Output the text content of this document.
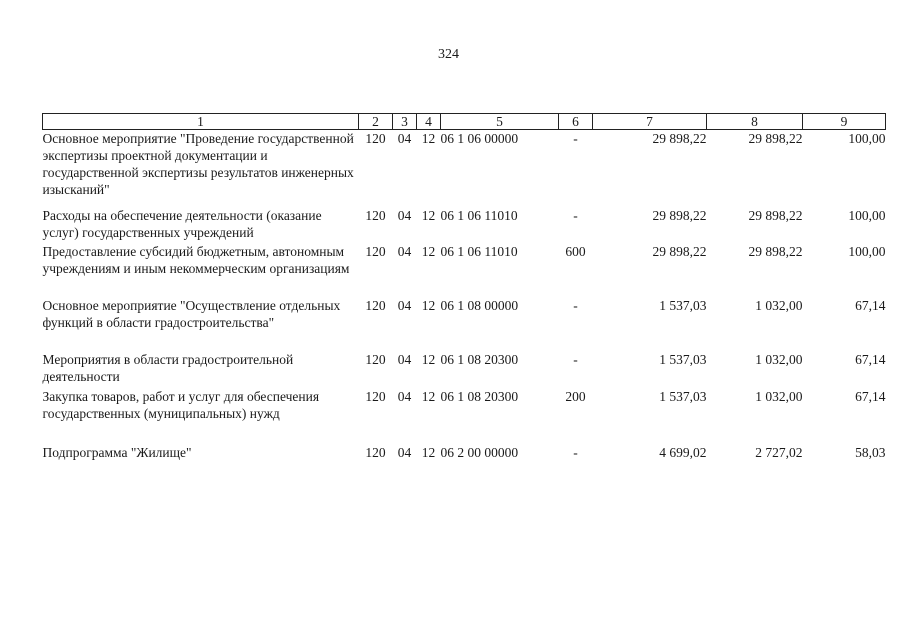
324
1	2	3	4	5	6	7	8	9
Основное мероприятие "Проведение государственной экспертизы проектной документации и государственной экспертизы результатов инженерных изысканий"	120	04	12	06 1 06 00000	-	29 898,22	29 898,22	100,00
Расходы на обеспечение деятельности (оказание услуг) государственных учреждений	120	04	12	06 1 06 11010	-	29 898,22	29 898,22	100,00
Предоставление субсидий бюджетным, автономным учреждениям и иным некоммерческим организациям	120	04	12	06 1 06 11010	600	29 898,22	29 898,22	100,00
Основное мероприятие "Осуществление отдельных функций в области градостроительства"	120	04	12	06 1 08 00000	-	1 537,03	1 032,00	67,14
Мероприятия в области градостроительной деятельности	120	04	12	06 1 08 20300	-	1 537,03	1 032,00	67,14
Закупка товаров, работ и услуг для обеспечения государственных (муниципальных) нужд	120	04	12	06 1 08 20300	200	1 537,03	1 032,00	67,14

Подпрограмма "Жилище"	120	04	12	06 2 00 00000	-	4 699,02	2 727,02	58,03
